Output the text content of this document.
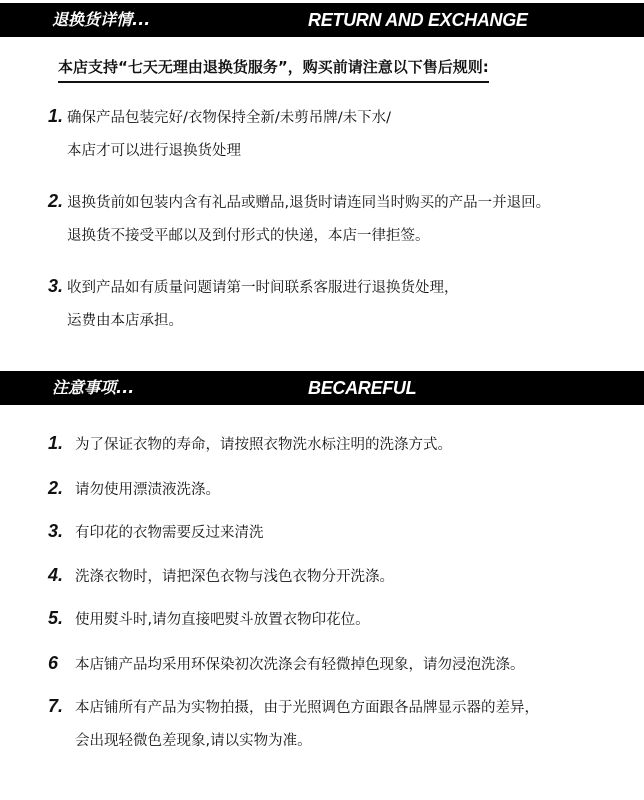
退换货详情...	RETURN AND EXCHANGE
本店支持“七天无理由退换货服务”，购买前请注意以下售后规则:
1. 确保产品包装完好/衣物保持全新/未剪吊牌/未下水/
本店才可以进行退换货处理
2. 退换货前如包装内含有礼品或赠品,退货时请连同当时购买的产品一并退回。
退换货不接受平邮以及到付形式的快递，本店一律拒签。
3. 收到产品如有质量问题请第一时间联系客服进行退换货处理，
运费由本店承担。
注意事项...	BECAREFUL
1. 为了保证衣物的寿命，请按照衣物洗水标注明的洗涤方式。
2. 请勿使用漂渍液洗涤。
3. 有印花的衣物需要反过来清洗
4. 洗涤衣物时，请把深色衣物与浅色衣物分开洗涤。
5. 使用熨斗时,请勿直接吧熨斗放置衣物印花位。
6 本店铺产品均采用环保染初次洗涤会有轻微掉色现象，请勿浸泡洗涤。
7. 本店铺所有产品为实物拍摄，由于光照调色方面跟各品牌显示器的差异，
会出现轻微色差现象,请以实物为准。
